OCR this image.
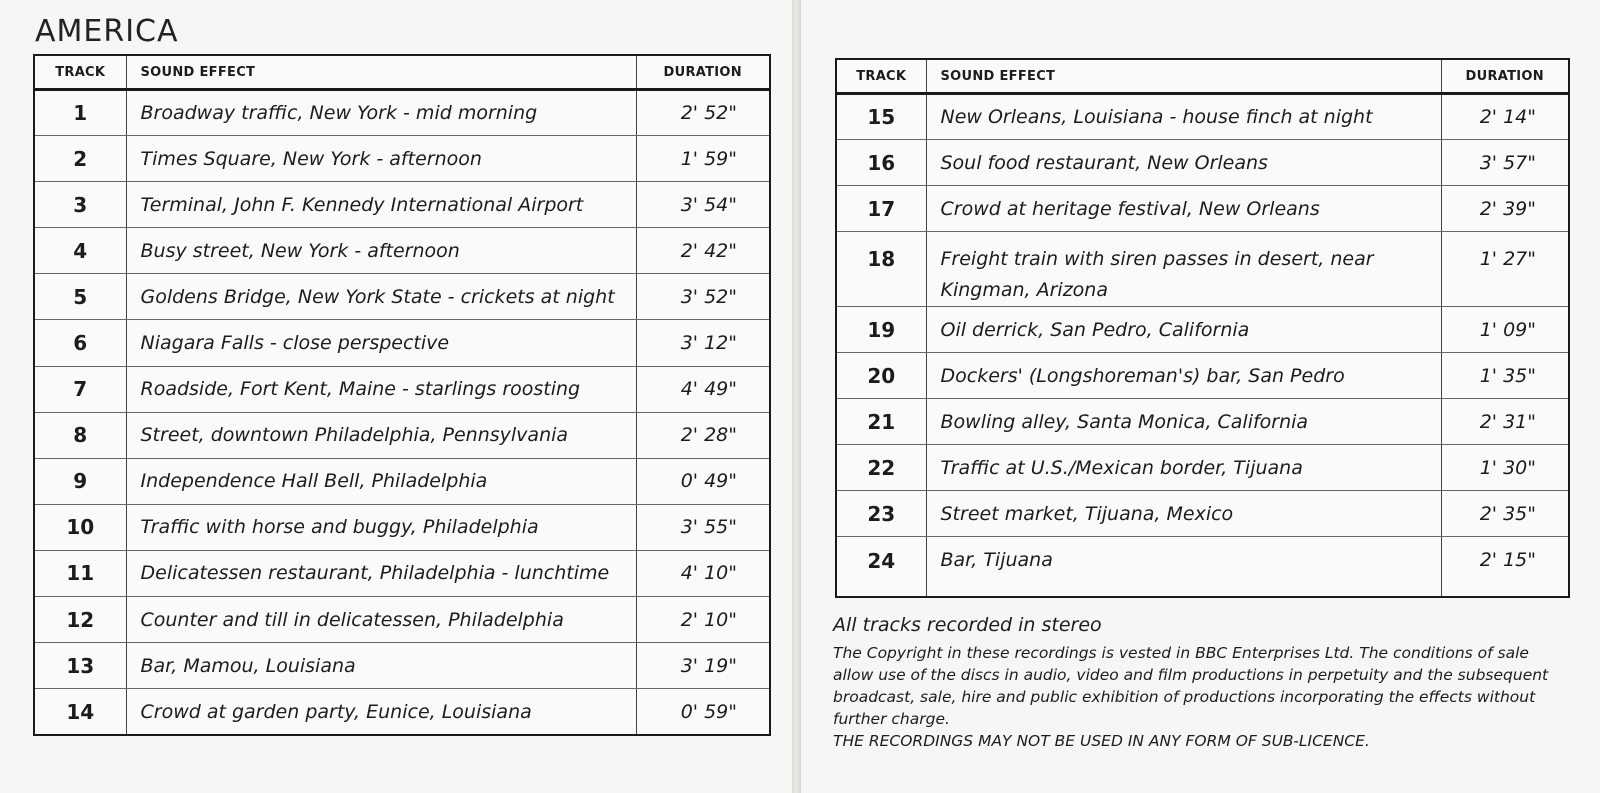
AMERICA
TRACK	SOUND EFFECT	DURATION
1	Broadway traffic, New York - mid morning	2' 52"
2	Times Square, New York - afternoon	1' 59"
3	Terminal, John F. Kennedy International Airport	3' 54"
4	Busy street, New York - afternoon	2' 42"
5	Goldens Bridge, New York State - crickets at night	3' 52"
6	Niagara Falls - close perspective	3' 12"
7	Roadside, Fort Kent, Maine - starlings roosting	4' 49"
8	Street, downtown Philadelphia, Pennsylvania	2' 28"
9	Independence Hall Bell, Philadelphia	0' 49"
10	Traffic with horse and buggy, Philadelphia	3' 55"
11	Delicatessen restaurant, Philadelphia - lunchtime	4' 10"
12	Counter and till in delicatessen, Philadelphia	2' 10"
13	Bar, Mamou, Louisiana	3' 19"
14	Crowd at garden party, Eunice, Louisiana	0' 59"
TRACK	SOUND EFFECT	DURATION
15	New Orleans, Louisiana - house finch at night	2' 14"
16	Soul food restaurant, New Orleans	3' 57"
17	Crowd at heritage festival, New Orleans	2' 39"
18	Freight train with siren passes in desert, near Kingman, Arizona	1' 27"
19	Oil derrick, San Pedro, California	1' 09"
20	Dockers' (Longshoreman's) bar, San Pedro	1' 35"
21	Bowling alley, Santa Monica, California	2' 31"
22	Traffic at U.S./Mexican border, Tijuana	1' 30"
23	Street market, Tijuana, Mexico	2' 35"
24	Bar, Tijuana	2' 15"
All tracks recorded in stereo
The Copyright in these recordings is vested in BBC Enterprises Ltd. The conditions of sale allow use of the discs in audio, video and film productions in perpetuity and the subsequent broadcast, sale, hire and public exhibition of productions incorporating the effects without further charge.
THE RECORDINGS MAY NOT BE USED IN ANY FORM OF SUB-LICENCE.
